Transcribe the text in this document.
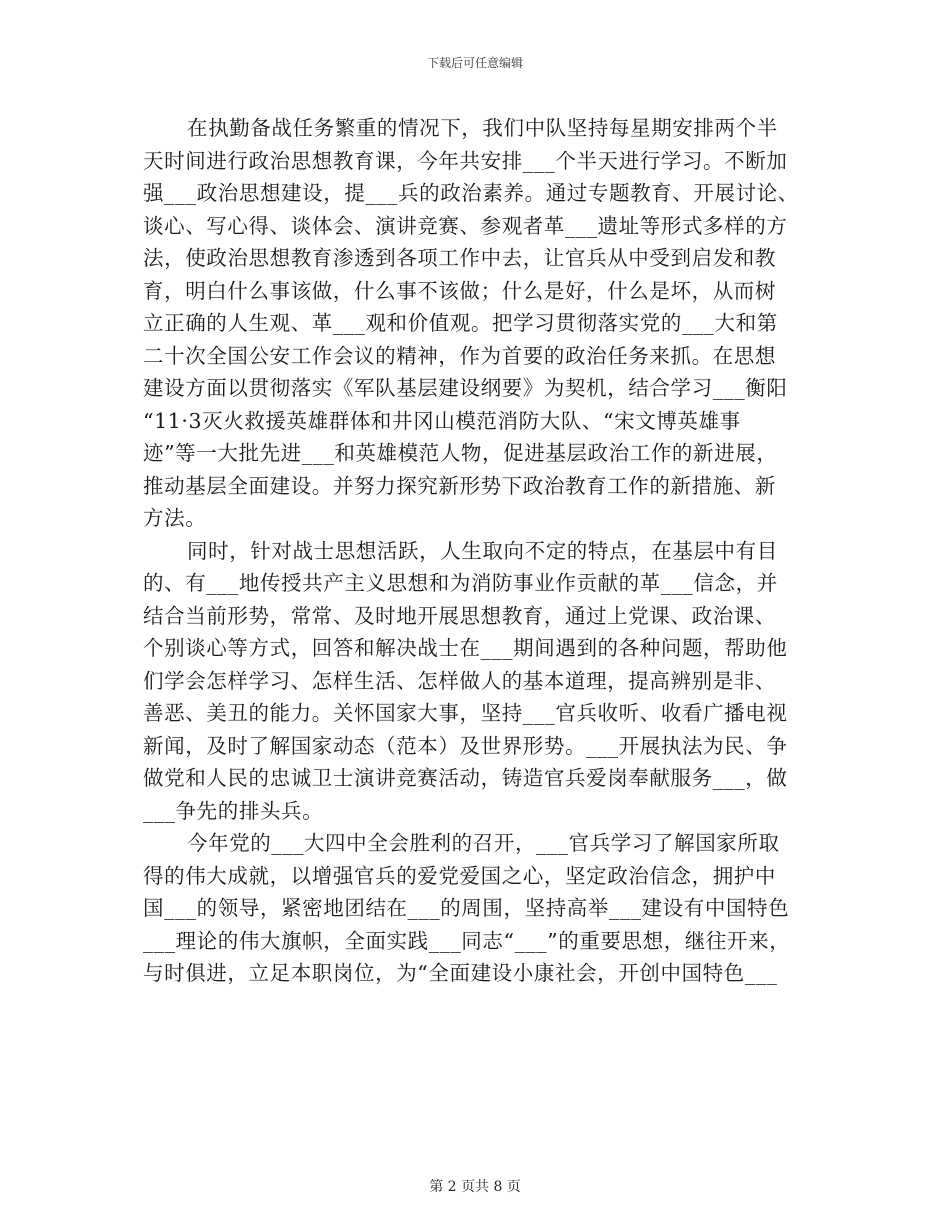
下载后可任意编辑

在执勤备战任务繁重的情况下，我们中队坚持每星期安排两个半
天时间进行政治思想教育课，今年共安排___个半天进行学习。不断加
强___政治思想建设，提___兵的政治素养。通过专题教育、开展讨论、
谈心、写心得、谈体会、演讲竞赛、参观者革___遗址等形式多样的方
法，使政治思想教育渗透到各项工作中去，让官兵从中受到启发和教
育，明白什么事该做，什么事不该做；什么是好，什么是坏，从而树
立正确的人生观、革___观和价值观。把学习贯彻落实党的___大和第
二十次全国公安工作会议的精神，作为首要的政治任务来抓。在思想
建设方面以贯彻落实《军队基层建设纲要》为契机，结合学习___衡阳
“11·3灭火救援英雄群体和井冈山模范消防大队、“宋文博英雄事
迹”等一大批先进___和英雄模范人物，促进基层政治工作的新进展，
推动基层全面建设。并努力探究新形势下政治教育工作的新措施、新
方法。

同时，针对战士思想活跃，人生取向不定的特点，在基层中有目
的、有___地传授共产主义思想和为消防事业作贡献的革___信念，并
结合当前形势，常常、及时地开展思想教育，通过上党课、政治课、
个别谈心等方式，回答和解决战士在___期间遇到的各种问题，帮助他
们学会怎样学习、怎样生活、怎样做人的基本道理，提高辨别是非、
善恶、美丑的能力。关怀国家大事，坚持___官兵收听、收看广播电视
新闻，及时了解国家动态（范本）及世界形势。___开展执法为民、争
做党和人民的忠诚卫士演讲竞赛活动，铸造官兵爱岗奉献服务___，做
___争先的排头兵。

今年党的___大四中全会胜利的召开，___官兵学习了解国家所取
得的伟大成就，以增强官兵的爱党爱国之心，坚定政治信念，拥护中
国___的领导，紧密地团结在___的周围，坚持高举___建设有中国特色
___理论的伟大旗帜，全面实践___同志“___”的重要思想，继往开来，
与时俱进，立足本职岗位，为“全面建设小康社会，开创中国特色___

第 2 页共 8 页
